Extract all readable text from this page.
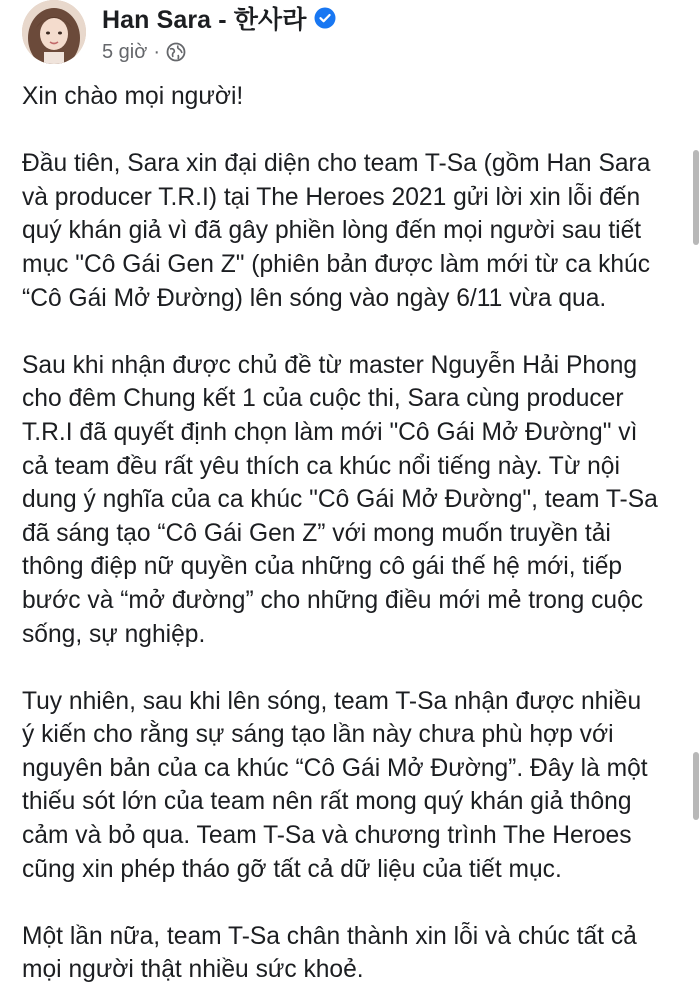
Han Sara - 한사라
5 giờ ·
Xin chào mọi người!
Đầu tiên, Sara xin đại diện cho team T-Sa (gồm Han Sara
và producer T.R.I) tại The Heroes 2021 gửi lời xin lỗi đến
quý khán giả vì đã gây phiền lòng đến mọi người sau tiết
mục "Cô Gái Gen Z" (phiên bản được làm mới từ ca khúc
“Cô Gái Mở Đường) lên sóng vào ngày 6/11 vừa qua.
Sau khi nhận được chủ đề từ master Nguyễn Hải Phong
cho đêm Chung kết 1 của cuộc thi, Sara cùng producer
T.R.I đã quyết định chọn làm mới "Cô Gái Mở Đường" vì
cả team đều rất yêu thích ca khúc nổi tiếng này. Từ nội
dung ý nghĩa của ca khúc "Cô Gái Mở Đường", team T-Sa
đã sáng tạo “Cô Gái Gen Z” với mong muốn truyền tải
thông điệp nữ quyền của những cô gái thế hệ mới, tiếp
bước và “mở đường” cho những điều mới mẻ trong cuộc
sống, sự nghiệp.
Tuy nhiên, sau khi lên sóng, team T-Sa nhận được nhiều
ý kiến cho rằng sự sáng tạo lần này chưa phù hợp với
nguyên bản của ca khúc “Cô Gái Mở Đường”. Đây là một
thiếu sót lớn của team nên rất mong quý khán giả thông
cảm và bỏ qua. Team T-Sa và chương trình The Heroes
cũng xin phép tháo gỡ tất cả dữ liệu của tiết mục.
Một lần nữa, team T-Sa chân thành xin lỗi và chúc tất cả
mọi người thật nhiều sức khoẻ.
